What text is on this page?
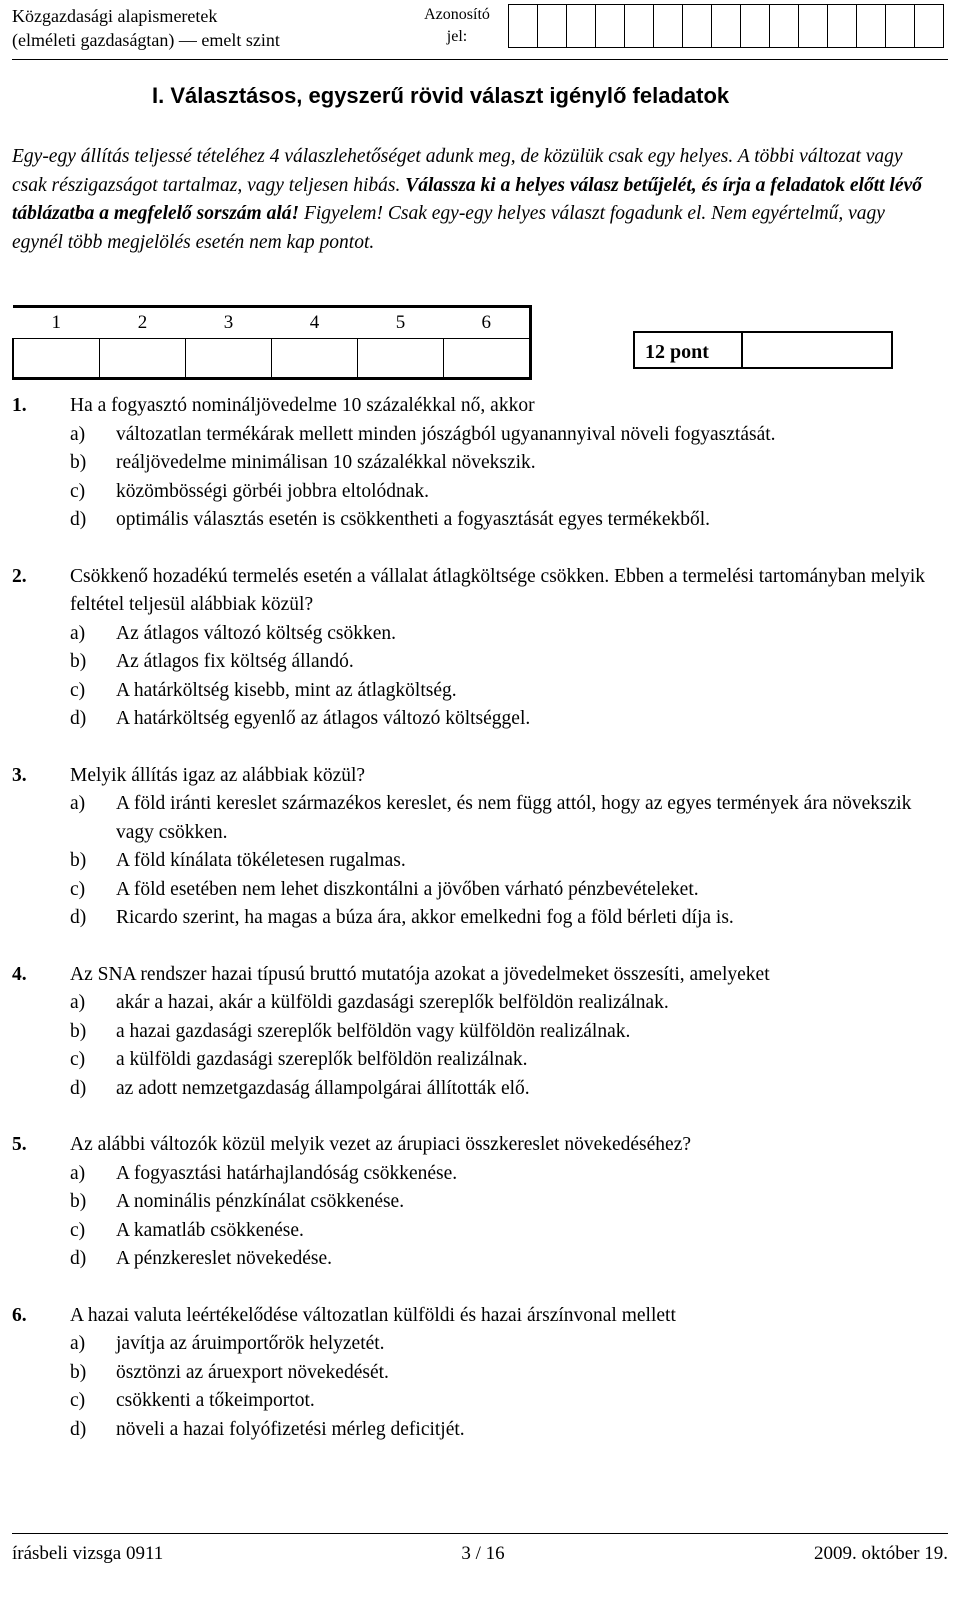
Közgazdasági alapismeretek
(elméleti gazdaságtan) — emelt szint
Azonosító
jel:
I. Választásos, egyszerű rövid választ igénylő feladatok
Egy-egy állítás teljessé tételéhez 4 válaszlehetőséget adunk meg, de közülük csak egy helyes. A többi változat vagy csak részigazságot tartalmaz, vagy teljesen hibás. Válassza ki a helyes válasz betűjelét, és írja a feladatok előtt lévő táblázatba a megfelelő sorszám alá! Figyelem! Csak egy-egy helyes választ fogadunk el. Nem egyértelmű, vagy egynél több megjelölés esetén nem kap pontot.
1	2	3	4	5	6

12 pont
1.	Ha a fogyasztó nomináljövedelme 10 százalékkal nő, akkor
a)	változatlan termékárak mellett minden jószágból ugyanannyival növeli fogyasztását.
b)	reáljövedelme minimálisan 10 százalékkal növekszik.
c)	közömbösségi görbéi jobbra eltolódnak.
d)	optimális választás esetén is csökkentheti a fogyasztását egyes termékekből.
2.	Csökkenő hozadékú termelés esetén a vállalat átlagköltsége csökken. Ebben a termelési tartományban melyik feltétel teljesül alábbiak közül?
a)	Az átlagos változó költség csökken.
b)	Az átlagos fix költség állandó.
c)	A határköltség kisebb, mint az átlagköltség.
d)	A határköltség egyenlő az átlagos változó költséggel.
3.	Melyik állítás igaz az alábbiak közül?
a)	A föld iránti kereslet származékos kereslet, és nem függ attól, hogy az egyes termények ára növekszik vagy csökken.
b)	A föld kínálata tökéletesen rugalmas.
c)	A föld esetében nem lehet diszkontálni a jövőben várható pénzbevételeket.
d)	Ricardo szerint, ha magas a búza ára, akkor emelkedni fog a föld bérleti díja is.
4.	Az SNA rendszer hazai típusú bruttó mutatója azokat a jövedelmeket összesíti, amelyeket
a)	akár a hazai, akár a külföldi gazdasági szereplők belföldön realizálnak.
b)	a hazai gazdasági szereplők belföldön vagy külföldön realizálnak.
c)	a külföldi gazdasági szereplők belföldön realizálnak.
d)	az adott nemzetgazdaság állampolgárai állították elő.
5.	Az alábbi változók közül melyik vezet az árupiaci összkereslet növekedéséhez?
a)	A fogyasztási határhajlandóság csökkenése.
b)	A nominális pénzkínálat csökkenése.
c)	A kamatláb csökkenése.
d)	A pénzkereslet növekedése.
6.	A hazai valuta leértékelődése változatlan külföldi és hazai árszínvonal mellett
a)	javítja az áruimportőrök helyzetét.
b)	ösztönzi az áruexport növekedését.
c)	csökkenti a tőkeimportot.
d)	növeli a hazai folyófizetési mérleg deficitjét.
írásbeli vizsga 0911	3 / 16	2009. október 19.
